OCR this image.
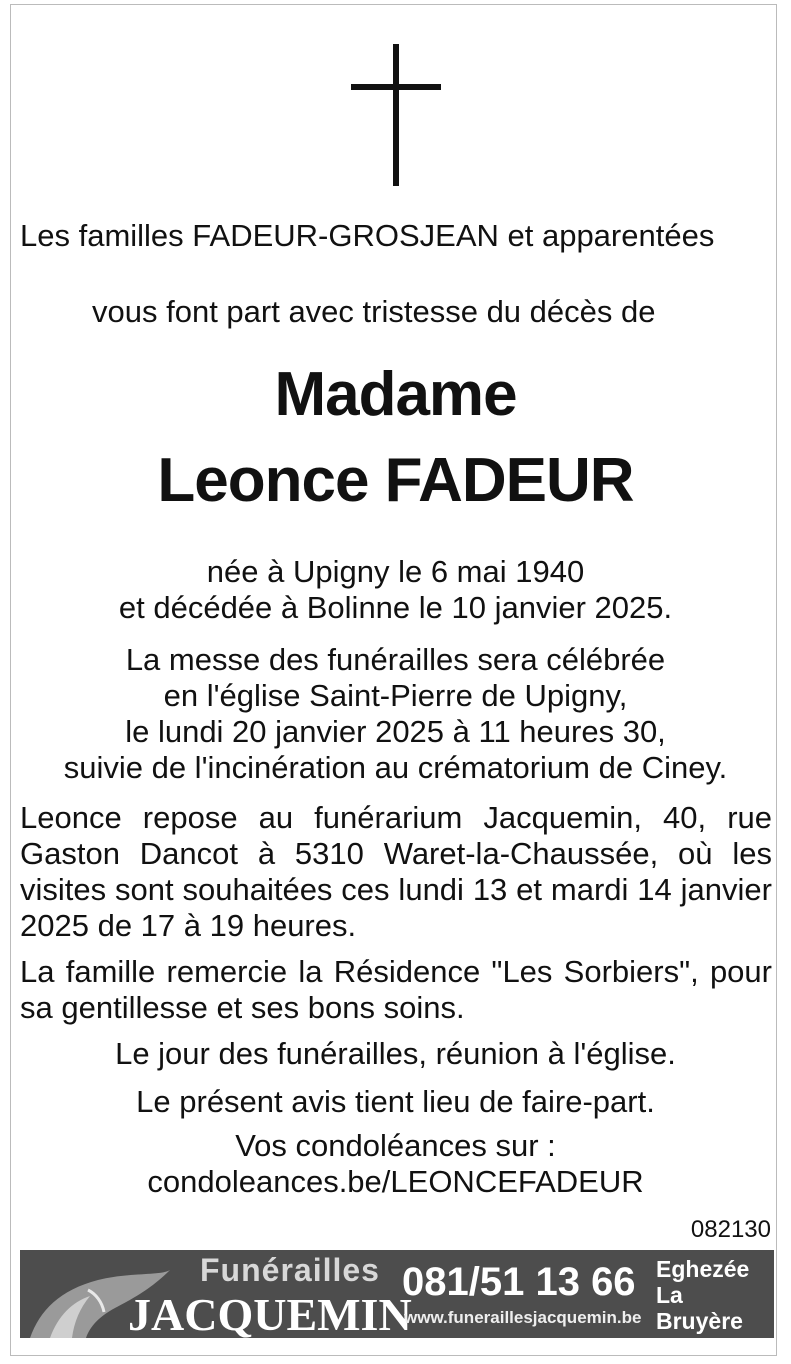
Les familles FADEUR-GROSJEAN et apparentées
vous font part avec tristesse du décès de
Madame
Leonce FADEUR
née à Upigny le 6 mai 1940
et décédée à Bolinne le 10 janvier 2025.
La messe des funérailles sera célébrée
en l'église Saint-Pierre de Upigny,
le lundi 20 janvier 2025 à 11 heures 30,
suivie de l'incinération au crématorium de Ciney.
Leonce repose au funérarium Jacquemin, 40, rue Gaston Dancot à 5310 Waret-la-Chaussée, où les visites sont souhaitées ces lundi 13 et mardi 14 janvier 2025 de 17 à 19 heures.
La famille remercie la Résidence "Les Sorbiers", pour sa gentillesse et ses bons soins.
Le jour des funérailles, réunion à l'église.
Le présent avis tient lieu de faire-part.
Vos condoléances sur :
condoleances.be/LEONCEFADEUR
082130
Funérailles
JACQUEMIN
081/51 13 66
www.funeraillesjacquemin.be
Eghezée
La Bruyère
Perwez
